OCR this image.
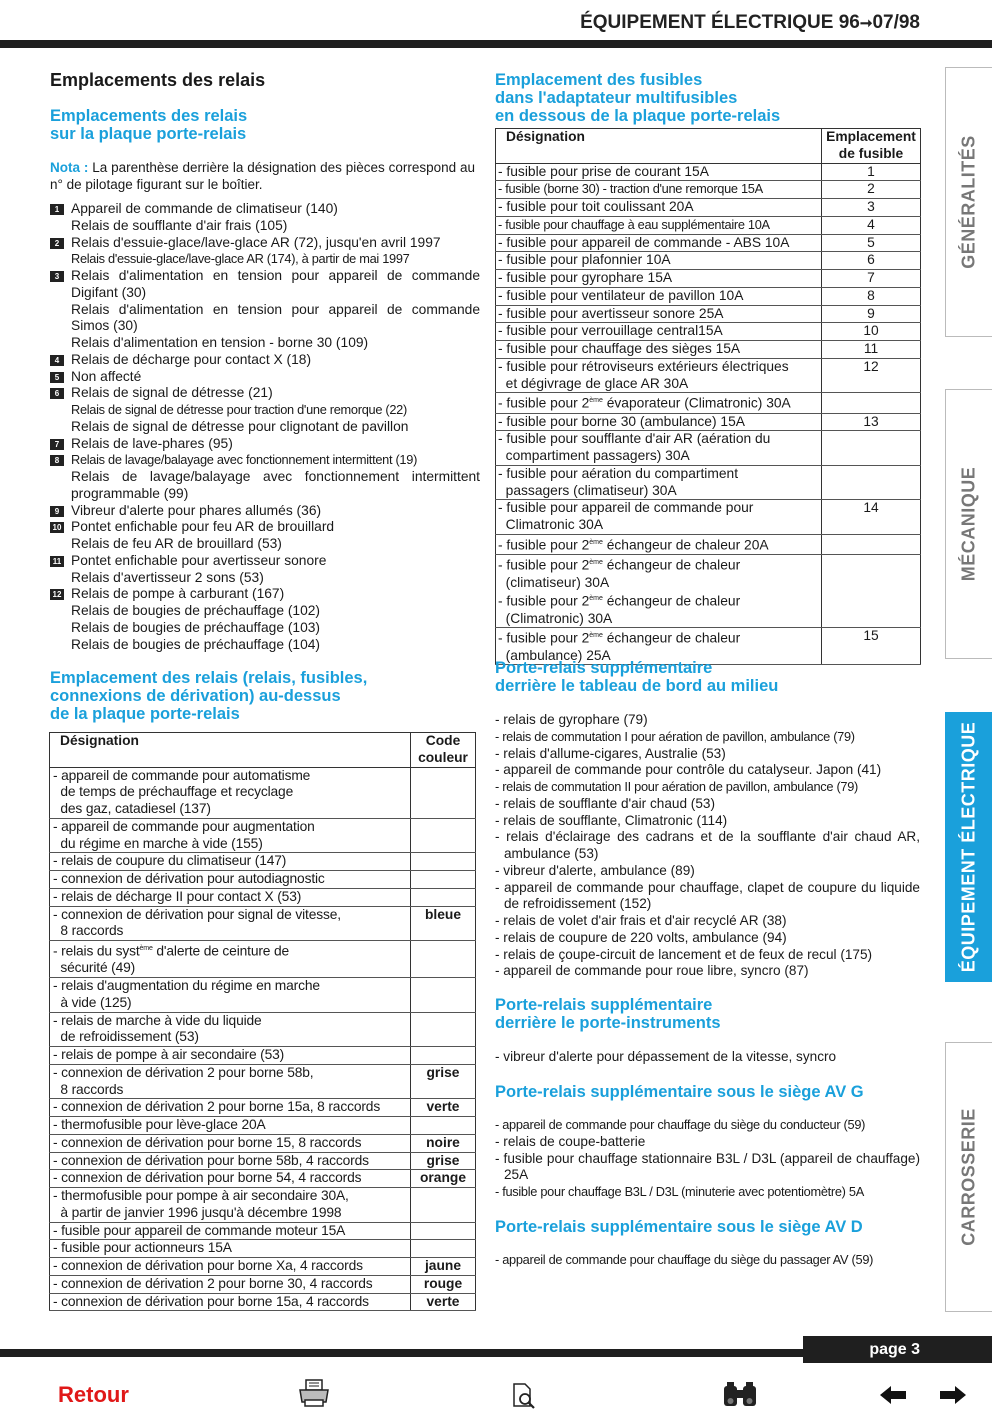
ÉQUIPEMENT ÉLECTRIQUE 96➞07/98
Emplacements des relais
Emplacements des relais
sur la plaque porte-relais
Nota : La parenthèse derrière la désignation des pièces correspond au n° de pilotage figurant sur le boîtier.
1 Appareil de commande de climatiseur (140)
Relais de soufflante d'air frais (105)
2 Relais d'essuie-glace/lave-glace AR (72), jusqu'en avril 1997
Relais d'essuie-glace/lave-glace AR (174), à partir de mai 1997
3 Relais d'alimentation en tension pour appareil de commande Digifant (30)
Relais d'alimentation en tension pour appareil de commande Simos (30)
Relais d'alimentation en tension - borne 30 (109)
4 Relais de décharge pour contact X (18)
5 Non affecté
6 Relais de signal de détresse (21)
Relais de signal de détresse pour traction d'une remorque (22)
Relais de signal de détresse pour clignotant de pavillon
7 Relais de lave-phares (95)
8 Relais de lavage/balayage avec fonctionnement intermittent (19)
Relais de lavage/balayage avec fonctionnement intermittent programmable (99)
9 Vibreur d'alerte pour phares allumés (36)
10 Pontet enfichable pour feu AR de brouillard
Relais de feu AR de brouillard (53)
11 Pontet enfichable pour avertisseur sonore
Relais d'avertisseur 2 sons (53)
12 Relais de pompe à carburant (167)
Relais de bougies de préchauffage (102)
Relais de bougies de préchauffage (103)
Relais de bougies de préchauffage (104)
Emplacement des relais (relais, fusibles,
connexions de dérivation) au-dessus
de la plaque porte-relais
Désignation	Code couleur
- appareil de commande pour automatisme
de temps de préchauffage et recyclage
des gaz, catadiesel (137)	
- appareil de commande pour augmentation
du régime en marche à vide (155)	
- relais de coupure du climatiseur (147)	
- connexion de dérivation pour autodiagnostic	
- relais de décharge II pour contact X (53)	
- connexion de dérivation pour signal de vitesse,
8 raccords	bleue
- relais du syst$^{ème}$ d'alerte de ceinture de
sécurité (49)	
- relais d'augmentation du régime en marche
à vide (125)	
- relais de marche à vide du liquide
de refroidissement (53)	
- relais de pompe à air secondaire (53)	
- connexion de dérivation 2 pour borne 58b,
8 raccords	grise
- connexion de dérivation 2 pour borne 15a, 8 raccords	verte
- thermofusible pour lève-glace 20A	
- connexion de dérivation pour borne 15, 8 raccords	noire
- connexion de dérivation pour borne 58b, 4 raccords	grise
- connexion de dérivation pour borne 54, 4 raccords	orange
- thermofusible pour pompe à air secondaire 30A,
à partir de janvier 1996 jusqu'à décembre 1998	
- fusible pour appareil de commande moteur 15A	
- fusible pour actionneurs 15A	
- connexion de dérivation pour borne Xa, 4 raccords	jaune
- connexion de dérivation 2 pour borne 30, 4 raccords	rouge
- connexion de dérivation pour borne 15a, 4 raccords	verte
Emplacement des fusibles
dans l'adaptateur multifusibles
en dessous de la plaque porte-relais
Désignation	Emplacement de fusible
- fusible pour prise de courant 15A	1
- fusible (borne 30) - traction d'une remorque 15A	2
- fusible pour toit coulissant 20A	3
- fusible pour chauffage à eau supplémentaire 10A	4
- fusible pour appareil de commande - ABS 10A	5
- fusible pour plafonnier 10A	6
- fusible pour gyrophare 15A	7
- fusible pour ventilateur de pavillon 10A	8
- fusible pour avertisseur sonore 25A	9
- fusible pour verrouillage central15A	10
- fusible pour chauffage des sièges 15A	11
- fusible pour rétroviseurs extérieurs électriques
et dégivrage de glace AR 30A	12
- fusible pour 2ème évaporateur (Climatronic) 30A	
- fusible pour borne 30 (ambulance) 15A	13
- fusible pour soufflante d'air AR (aération du
compartiment passagers) 30A	
- fusible pour aération du compartiment
passagers (climatiseur) 30A	
- fusible pour appareil de commande pour
Climatronic 30A	14
- fusible pour 2ème échangeur de chaleur 20A	
- fusible pour 2ème échangeur de chaleur
(climatiseur) 30A
- fusible pour 2ème échangeur de chaleur
(Climatronic) 30A	
- fusible pour 2ème échangeur de chaleur
(ambulance) 25A	15
Porte-relais supplémentaire
derrière le tableau de bord au milieu
- relais de gyrophare (79)
- relais de commutation I pour aération de pavillon, ambulance (79)
- relais d'allume-cigares, Australie (53)
- appareil de commande pour contrôle du catalyseur. Japon (41)
- relais de commutation II pour aération de pavillon, ambulance (79)
- relais de soufflante d'air chaud (53)
- relais de soufflante, Climatronic (114)
- relais d'éclairage des cadrans et de la soufflante d'air chaud AR, ambulance (53)
- vibreur d'alerte, ambulance (89)
- appareil de commande pour chauffage, clapet de coupure du liquide de refroidissement (152)
- relais de volet d'air frais et d'air recyclé AR (38)
- relais de coupure de 220 volts, ambulance (94)
- relais de çoupe-circuit de lancement et de feux de recul (175)
- appareil de commande pour roue libre, syncro (87)
Porte-relais supplémentaire
derrière le porte-instruments
- vibreur d'alerte pour dépassement de la vitesse, syncro
Porte-relais supplémentaire sous le siège AV G
- appareil de commande pour chauffage du siège du conducteur (59)
- relais de coupe-batterie
- fusible pour chauffage stationnaire B3L / D3L (appareil de chauffage) 25A
- fusible pour chauffage B3L / D3L (minuterie avec potentiomètre) 5A
Porte-relais supplémentaire sous le siège AV D
- appareil de commande pour chauffage du siège du passager AV (59)
GÉNÉRALITÉS
MÉCANIQUE
ÉQUIPEMENT ÉLECTRIQUE
CARROSSERIE
page 3
Retour
